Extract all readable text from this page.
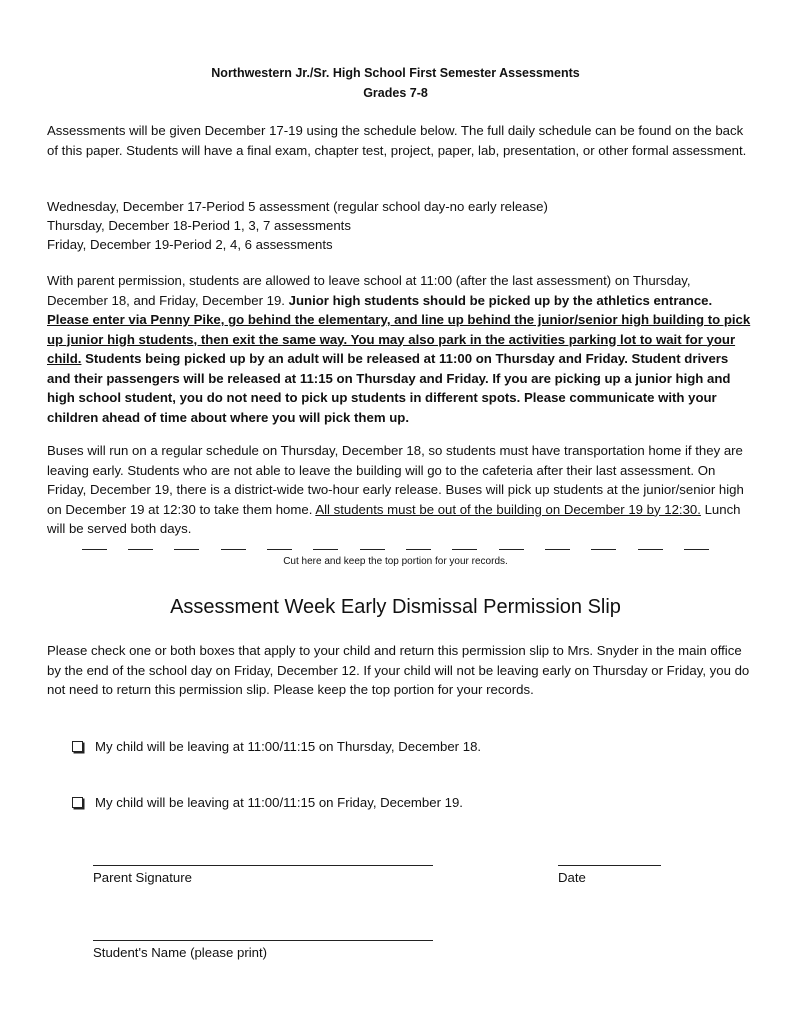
Northwestern Jr./Sr. High School First Semester Assessments
Grades 7-8
Assessments will be given December 17-19 using the schedule below. The full daily schedule can be found on the back of this paper. Students will have a final exam, chapter test, project, paper, lab, presentation, or other formal assessment.
Wednesday, December 17-Period 5 assessment (regular school day-no early release)
Thursday, December 18-Period 1, 3, 7 assessments
Friday, December 19-Period 2, 4, 6 assessments
With parent permission, students are allowed to leave school at 11:00 (after the last assessment) on Thursday, December 18, and Friday, December 19. Junior high students should be picked up by the athletics entrance. Please enter via Penny Pike, go behind the elementary, and line up behind the junior/senior high building to pick up junior high students, then exit the same way. You may also park in the activities parking lot to wait for your child. Students being picked up by an adult will be released at 11:00 on Thursday and Friday. Student drivers and their passengers will be released at 11:15 on Thursday and Friday. If you are picking up a junior high and high school student, you do not need to pick up students in different spots. Please communicate with your children ahead of time about where you will pick them up.
Buses will run on a regular schedule on Thursday, December 18, so students must have transportation home if they are leaving early. Students who are not able to leave the building will go to the cafeteria after their last assessment. On Friday, December 19, there is a district-wide two-hour early release. Buses will pick up students at the junior/senior high on December 19 at 12:30 to take them home. All students must be out of the building on December 19 by 12:30. Lunch will be served both days.
Cut here and keep the top portion for your records.
Assessment Week Early Dismissal Permission Slip
Please check one or both boxes that apply to your child and return this permission slip to Mrs. Snyder in the main office by the end of the school day on Friday, December 12. If your child will not be leaving early on Thursday or Friday, you do not need to return this permission slip. Please keep the top portion for your records.
My child will be leaving at 11:00/11:15 on Thursday, December 18.
My child will be leaving at 11:00/11:15 on Friday, December 19.
Parent Signature	Date
Student's Name (please print)
